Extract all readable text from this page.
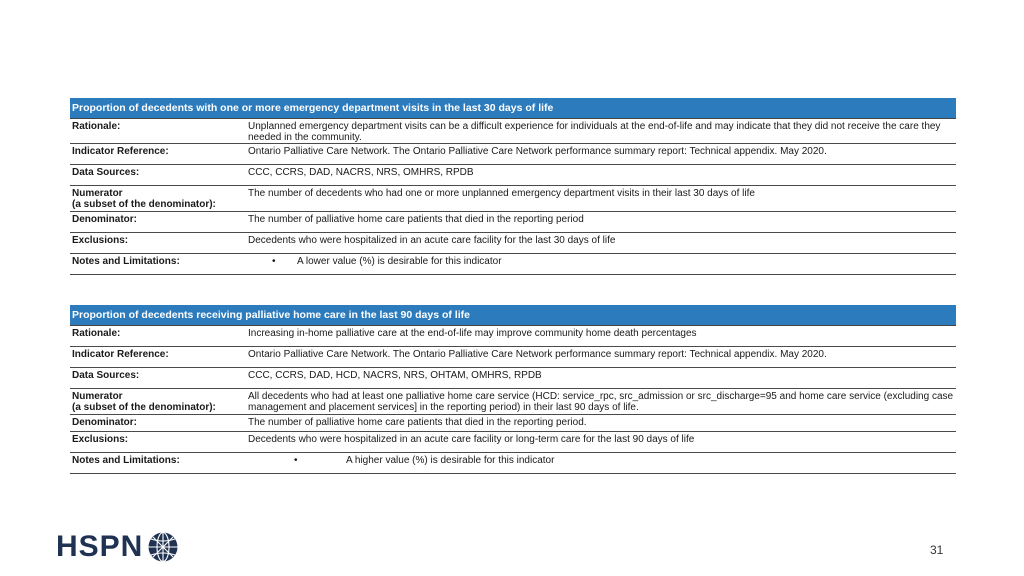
Proportion of decedents with one or more emergency department visits in the last 30 days of life	
Rationale:	Unplanned emergency department visits can be a difficult experience for individuals at the end-of-life and may indicate that they did not receive the care they needed in the community.
Indicator Reference:	Ontario Palliative Care Network. The Ontario Palliative Care Network performance summary report: Technical appendix. May 2020.
Data Sources:	CCC, CCRS, DAD, NACRS, NRS, OMHRS, RPDB

Numerator
(a subset of the denominator):	The number of decedents who had one or more unplanned emergency department visits in their last 30 days of life
Denominator:	The number of palliative home care patients that died in the reporting period
Exclusions:	Decedents who were hospitalized in an acute care facility for the last 30 days of life
Notes and Limitations:	• A lower value (%) is desirable for this indicator
Proportion of decedents receiving palliative home care in the last 90 days of life	
Rationale:	Increasing in-home palliative care at the end-of-life may improve community home death percentages
Indicator Reference:	Ontario Palliative Care Network. The Ontario Palliative Care Network performance summary report: Technical appendix. May 2020.
Data Sources:	CCC, CCRS, DAD, HCD, NACRS, NRS, OHTAM, OMHRS, RPDB

Numerator
(a subset of the denominator):	All decedents who had at least one palliative home care service (HCD: service_rpc, src_admission or src_discharge=95 and home care service (excluding case management and placement services] in the reporting period) in their last 90 days of life.
Denominator:	The number of palliative home care patients that died in the reporting period.
Exclusions:	Decedents who were hospitalized in an acute care facility or long-term care for the last 90 days of life
Notes and Limitations:	• A higher value (%) is desirable for this indicator
HSPN	31
